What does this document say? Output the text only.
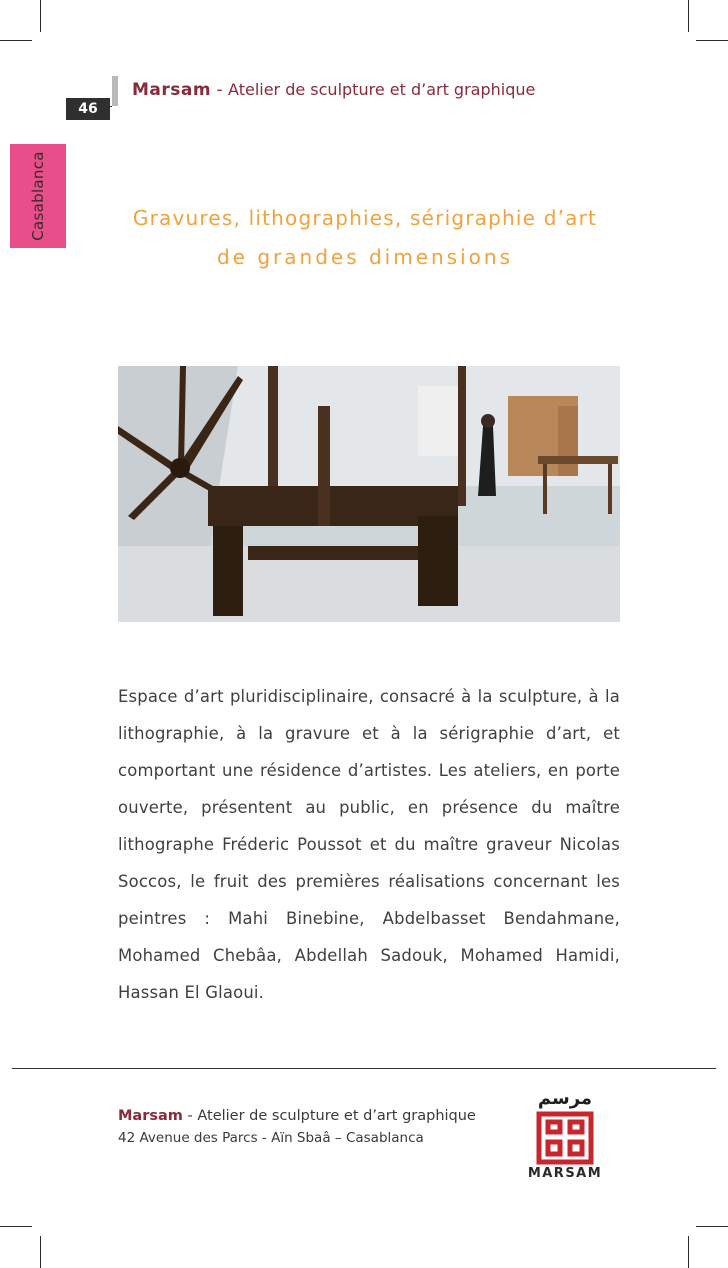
Marsam - Atelier de sculpture et d’art graphique
46
Casablanca	Gravures, lithographies, sérigraphie d’art
de grandes dimensions
Espace d’art pluridisciplinaire, consacré à la sculpture, à la lithographie, à la gravure et à la sérigraphie d’art, et comportant une résidence d’artistes. Les ateliers, en porte ouverte, présentent au public, en présence du maître lithographe Fréderic Poussot et du maître graveur Nicolas Soccos, le fruit des premières réalisations concernant les peintres : Mahi Binebine, Abdelbasset Bendahmane, Mohamed Chebâa, Abdellah Sadouk, Mohamed Hamidi, Hassan El Glaoui.
Marsam - Atelier de sculpture et d’art graphique
42 Avenue des Parcs - Aïn Sbaâ – Casablanca
مرسم
MARSAM
